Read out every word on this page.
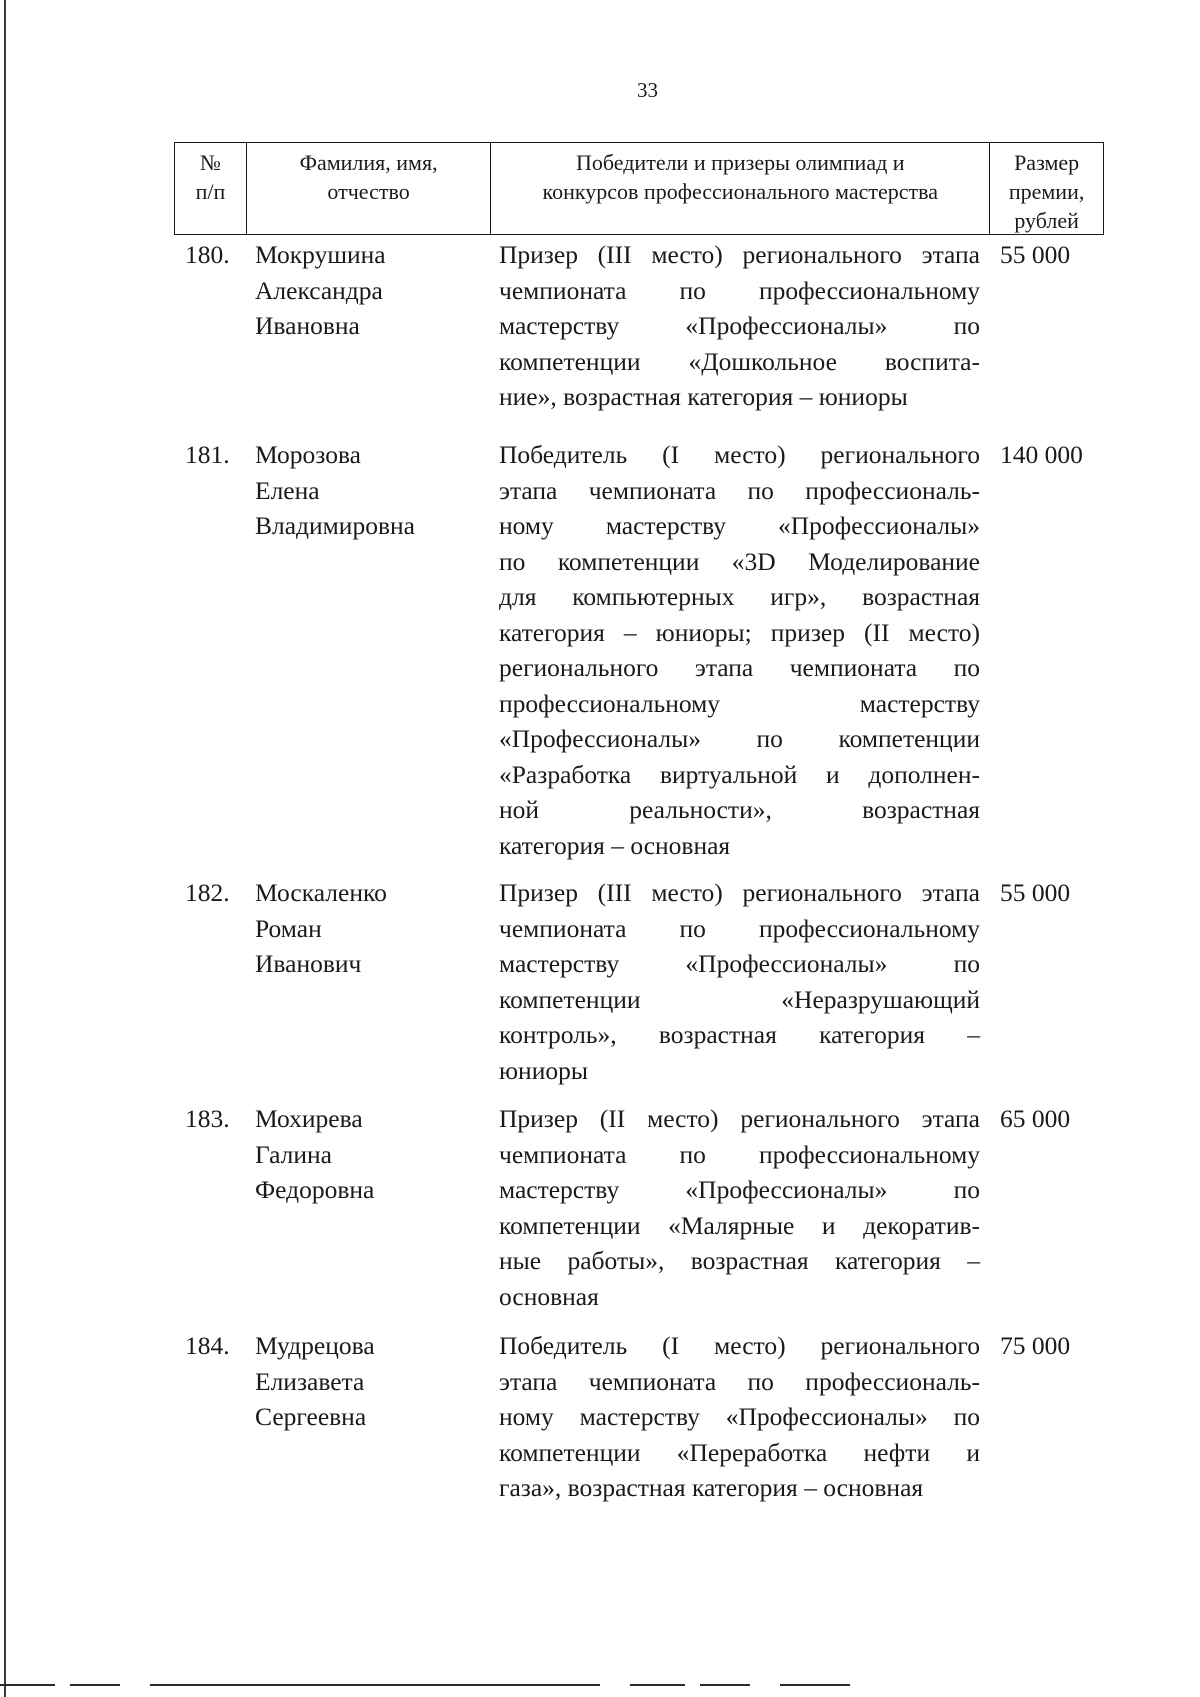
33
№
п/п
Фамилия, имя,
отчество
Победители и призеры олимпиад и
конкурсов профессионального мастерства
Размер
премии,
рублей
180. Мокрушина
Александра
Ивановна
Призер (III место) регионального этапа
чемпионата по профессиональному
мастерству «Профессионалы» по
компетенции «Дошкольное воспита-
ние», возрастная категория – юниоры
55 000
181. Морозова
Елена
Владимировна
Победитель (I место) регионального
этапа чемпионата по профессиональ-
ному мастерству «Профессионалы»
по компетенции «3D Моделирование
для компьютерных игр», возрастная
категория – юниоры; призер (II место)
регионального этапа чемпионата по
профессиональному мастерству
«Профессионалы» по компетенции
«Разработка виртуальной и дополнен-
ной реальности», возрастная
категория – основная
140 000
182. Москаленко
Роман
Иванович
Призер (III место) регионального этапа
чемпионата по профессиональному
мастерству «Профессионалы» по
компетенции «Неразрушающий
контроль», возрастная категория –
юниоры
55 000
183. Мохирева
Галина
Федоровна
Призер (II место) регионального этапа
чемпионата по профессиональному
мастерству «Профессионалы» по
компетенции «Малярные и декоратив-
ные работы», возрастная категория –
основная
65 000
184. Мудрецова
Елизавета
Сергеевна
Победитель (I место) регионального
этапа чемпионата по профессиональ-
ному мастерству «Профессионалы» по
компетенции «Переработка нефти и
газа», возрастная категория – основная
75 000
